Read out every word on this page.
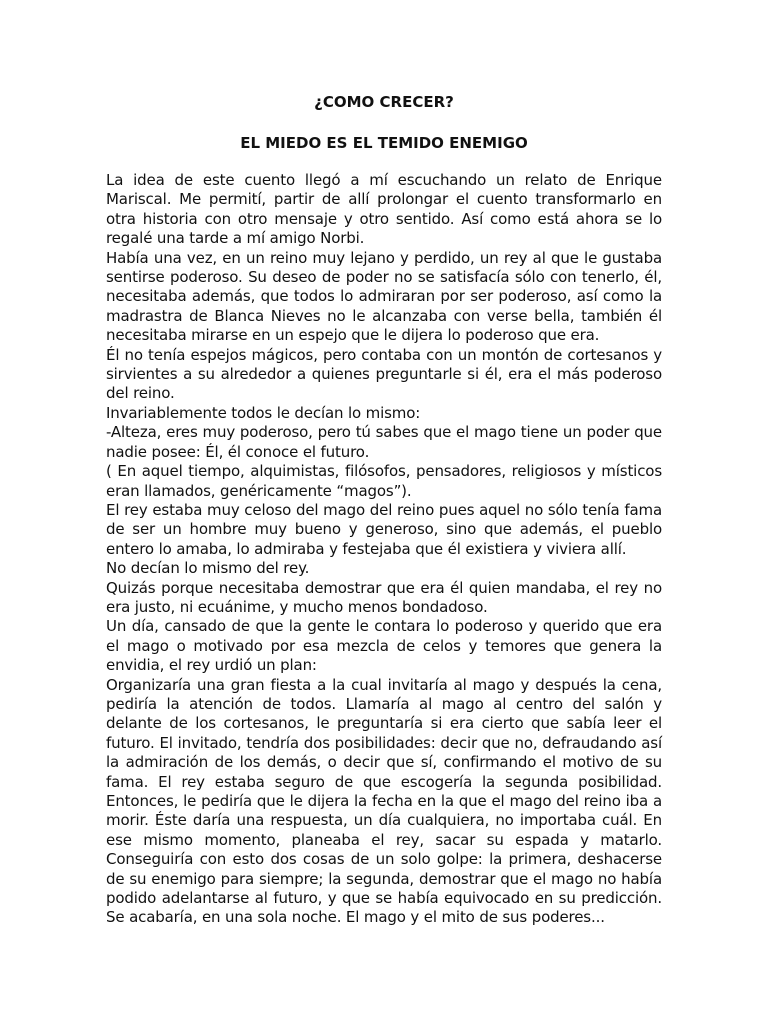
¿COMO CRECER?
EL MIEDO ES EL TEMIDO ENEMIGO

La idea de este cuento llegó a mí escuchando un relato de Enrique Mariscal. Me permití, partir de allí prolongar el cuento transformarlo en otra historia con otro mensaje y otro sentido. Así como está ahora se lo regalé una tarde a mí amigo Norbi.

Había una vez, en un reino muy lejano y perdido, un rey al que le gustaba sentirse poderoso. Su deseo de poder no se satisfacía sólo con tenerlo, él, necesitaba además, que todos lo admiraran por ser poderoso, así como la madrastra de Blanca Nieves no le alcanzaba con verse bella, también él necesitaba mirarse en un espejo que le dijera lo poderoso que era.

Él no tenía espejos mágicos, pero contaba con un montón de cortesanos y sirvientes a su alrededor a quienes preguntarle si él, era el más poderoso del reino.

Invariablemente todos le decían lo mismo:

-Alteza, eres muy poderoso, pero tú sabes que el mago tiene un poder que nadie posee: Él, él conoce el futuro.

( En aquel tiempo, alquimistas, filósofos, pensadores, religiosos y místicos eran llamados, genéricamente “magos”).

El rey estaba muy celoso del mago del reino pues aquel no sólo tenía fama de ser un hombre muy bueno y generoso, sino que además, el pueblo entero lo amaba, lo admiraba y festejaba que él existiera y viviera allí.

No decían lo mismo del rey.

Quizás porque necesitaba demostrar que era él quien mandaba, el rey no era justo, ni ecuánime, y mucho menos bondadoso.

Un día, cansado de que la gente le contara lo poderoso y querido que era el mago o motivado por esa mezcla de celos y temores que genera la envidia, el rey urdió un plan:

Organizaría una gran fiesta a la cual invitaría al mago y después la cena, pediría la atención de todos. Llamaría al mago al centro del salón y delante de los cortesanos, le preguntaría si era cierto que sabía leer el futuro. El invitado, tendría dos posibilidades: decir que no, defraudando así la admiración de los demás, o decir que sí, confirmando el motivo de su fama. El rey estaba seguro de que escogería la segunda posibilidad. Entonces, le pediría que le dijera la fecha en la que el mago del reino iba a morir. Éste daría una respuesta, un día cualquiera, no importaba cuál. En ese mismo momento, planeaba el rey, sacar su espada y matarlo. Conseguiría con esto dos cosas de un solo golpe: la primera, deshacerse de su enemigo para siempre; la segunda, demostrar que el mago no había podido adelantarse al futuro, y que se había equivocado en su predicción. Se acabaría, en una sola noche. El mago y el mito de sus poderes...
